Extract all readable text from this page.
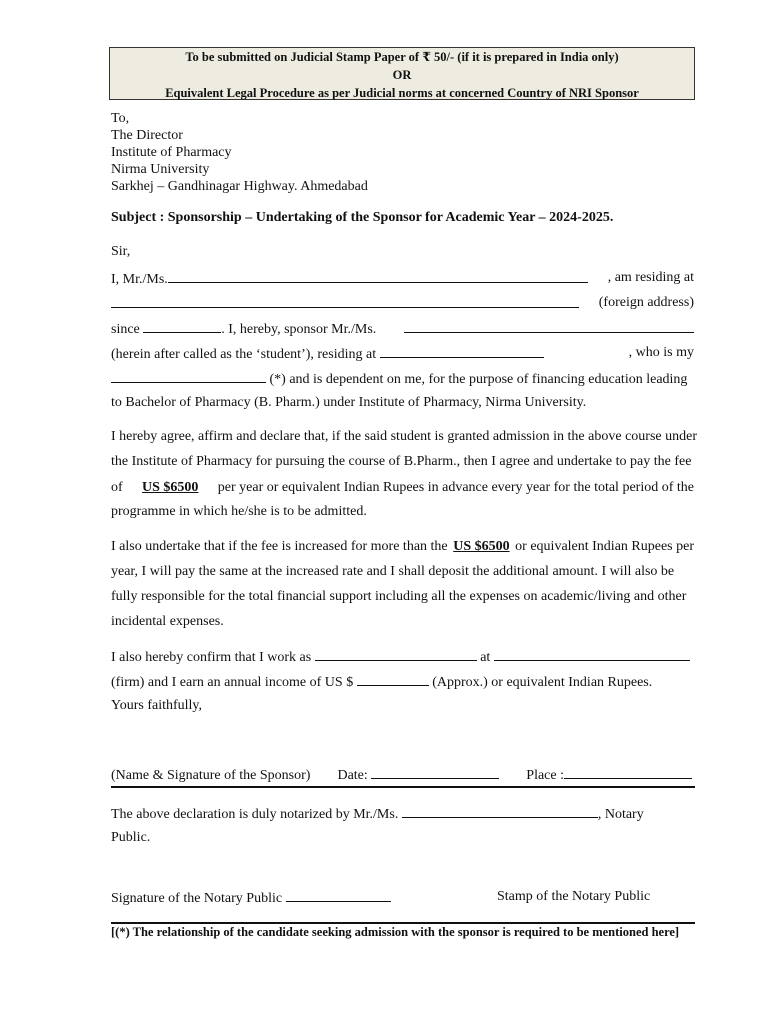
To be submitted on Judicial Stamp Paper of ₹ 50/- (if it is prepared in India only)
OR
Equivalent Legal Procedure as per Judicial norms at concerned Country of NRI Sponsor
To,
The Director
Institute of Pharmacy
Nirma University
Sarkhej – Gandhinagar Highway. Ahmedabad
Subject : Sponsorship – Undertaking of the Sponsor for Academic Year – 2024-2025.
Sir,
I, Mr./Ms.	, am residing at
(foreign address)
since	. I, hereby, sponsor Mr./Ms.
(herein after called as the ‘student’), residing at	, who is my
(*) and is dependent on me, for the purpose of financing education leading
to Bachelor of Pharmacy (B. Pharm.) under Institute of Pharmacy, Nirma University.
I hereby agree, affirm and declare that, if the said student is granted admission in the above course under
the Institute of Pharmacy for pursuing the course of B.Pharm., then I agree and undertake to pay the fee
of US $6500 per year or equivalent Indian Rupees in advance every year for the total period of the
programme in which he/she is to be admitted.
I also undertake that if the fee is increased for more than the US $6500 or equivalent Indian Rupees per
year, I will pay the same at the increased rate and I shall deposit the additional amount. I will also be
fully responsible for the total financial support including all the expenses on academic/living and other
incidental expenses.
I also hereby confirm that I work as	at
(firm) and I earn an annual income of US $	(Approx.) or equivalent Indian Rupees.
Yours faithfully,
(Name & Signature of the Sponsor) Date:	Place :
The above declaration is duly notarized by Mr./Ms.	, Notary
Public.
Signature of the Notary Public	Stamp of the Notary Public
[(*) The relationship of the candidate seeking admission with the sponsor is required to be mentioned here]
